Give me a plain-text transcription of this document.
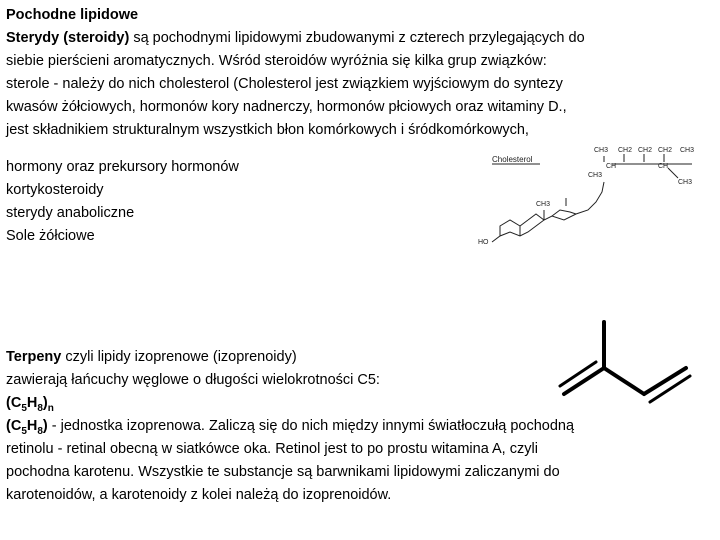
Pochodne lipidowe
Sterydy (steroidy) są pochodnymi lipidowymi zbudowanymi z czterech przylegających do
siebie pierścieni aromatycznych. Wśród steroidów wyróżnia się kilka grup związków:
sterole - należy do nich cholesterol (Cholesterol jest związkiem wyjściowym do syntezy
kwasów żółciowych, hormonów kory nadnerczy, hormonów płciowych oraz witaminy D.,
jest składnikiem strukturalnym wszystkich błon komórkowych i śródkomórkowych,
hormony oraz prekursory hormonów
kortykosteroidy
sterydy anaboliczne
Sole żółciowe
Cholesterol
CH3
CH
CH2 CH2 CH2
CH
CH3
CH3
CH3
CH3
HO
Terpeny czyli lipidy izoprenowe (izoprenoidy)
zawierają łańcuchy węglowe o długości wielokrotności C5:
$(C_5H_8)_n$
$(C_5H_8)$ - jednostka izoprenowa. Zaliczą się do nich między innymi światłoczułą pochodną
retinolu - retinal obecną w siatkówce oka. Retinol jest to po prostu witamina A, czyli
pochodna karotenu. Wszystkie te substancje są barwnikami lipidowymi zaliczanymi do
karotenoidów, a karotenoidy z kolei należą do izoprenoidów.
